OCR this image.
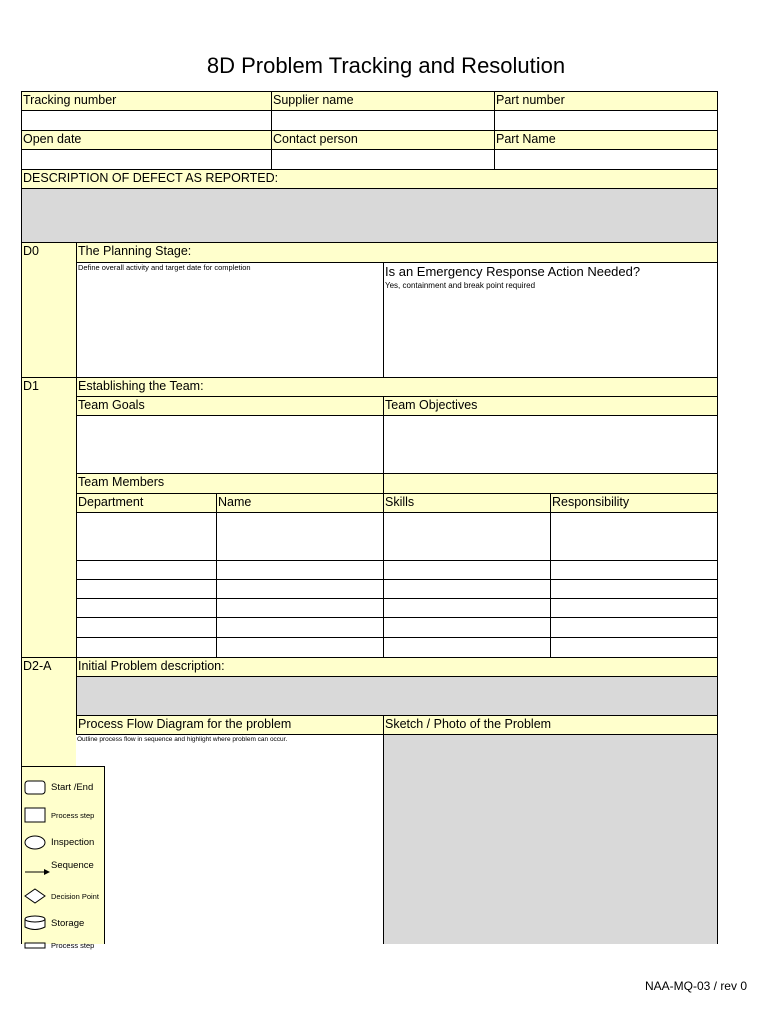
8D Problem Tracking and Resolution
Tracking number	Supplier name	Part number
Open date	Contact person	Part Name
DESCRIPTION OF DEFECT AS REPORTED:
D0	The Planning Stage:
Define overall activity and target date for completion	Is an Emergency Response Action Needed?
Yes, containment and break point required
D1	Establishing the Team:
Team Goals	Team Objectives
Team Members
Department	Name	Skills	Responsibility
D2-A	Initial Problem description:
Process Flow Diagram for the problem	Sketch / Photo of the Problem
Outline process flow in sequence and highlight where problem can occur.
Start /End
Process step
Inspection
Sequence
Decision Point
Storage
Process step
NAA-MQ-03 / rev 0
